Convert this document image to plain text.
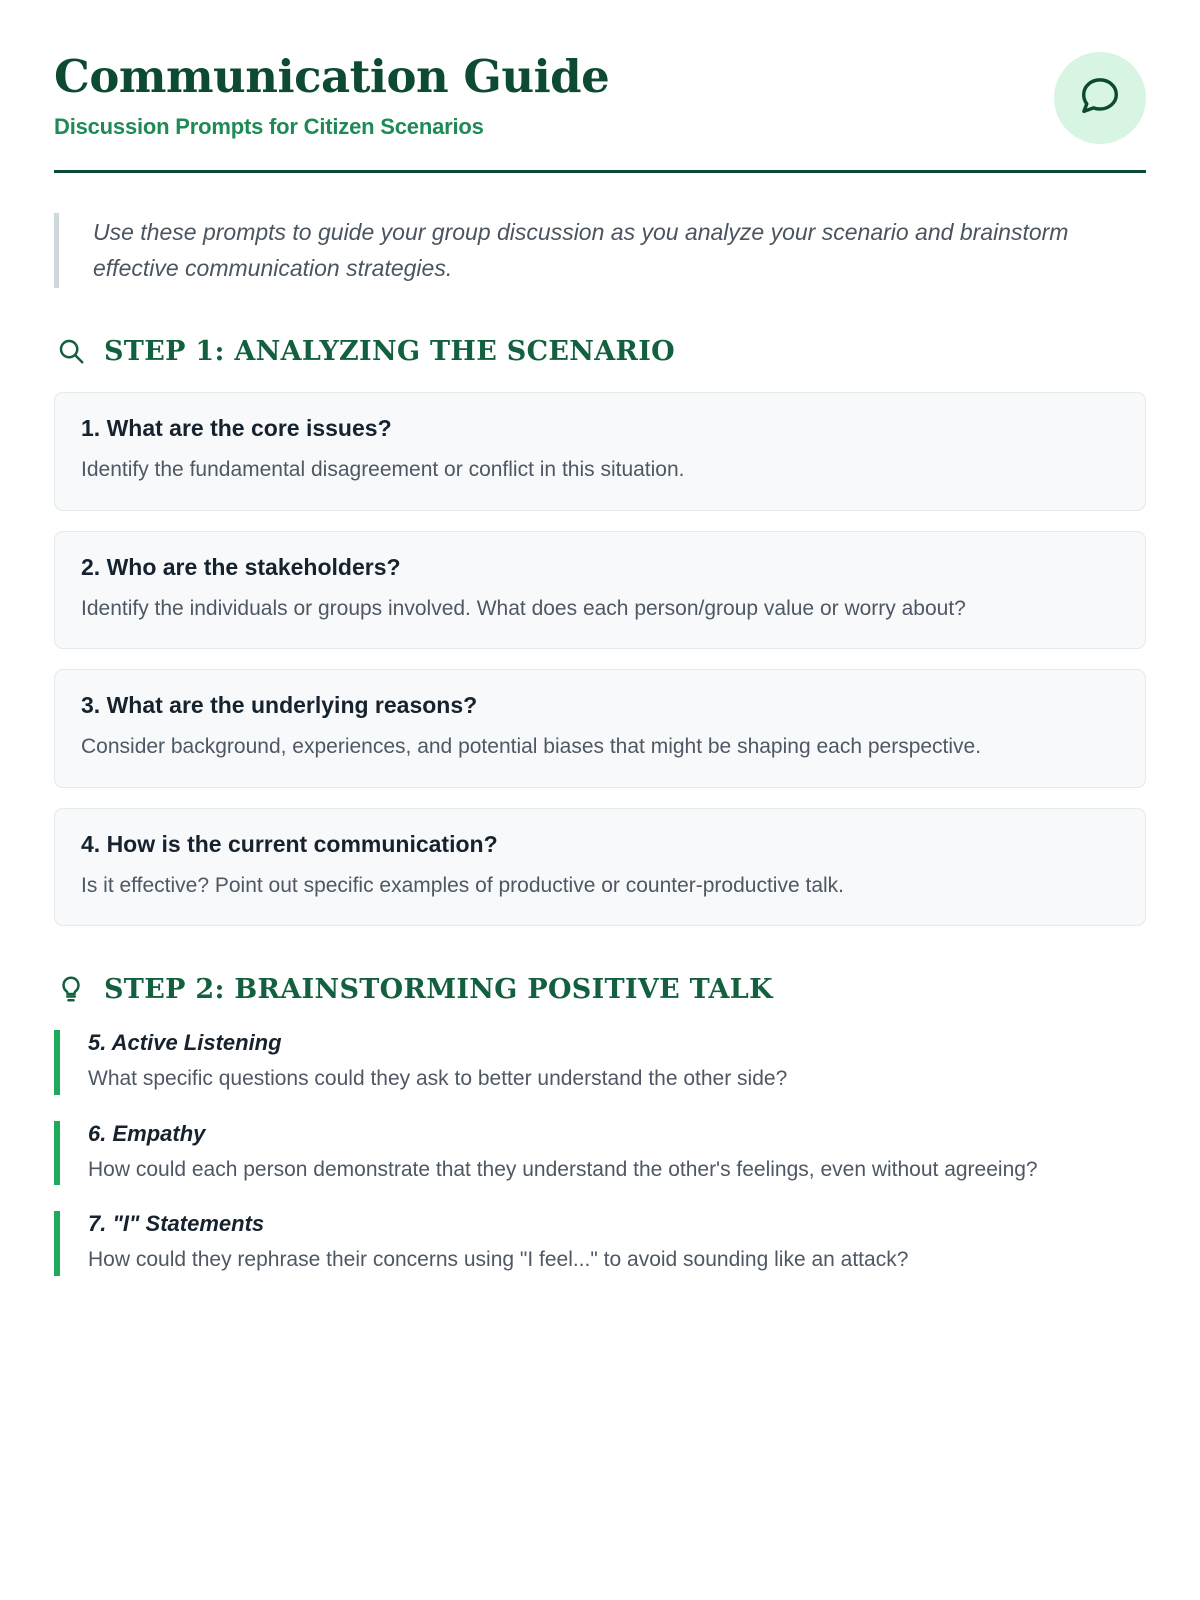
Communication Guide
Discussion Prompts for Citizen Scenarios

Use these prompts to guide your group discussion as you analyze your scenario and brainstorm effective communication strategies.

STEP 1: ANALYZING THE SCENARIO
1. What are the core issues?
Identify the fundamental disagreement or conflict in this situation.
2. Who are the stakeholders?
Identify the individuals or groups involved. What does each person/group value or worry about?
3. What are the underlying reasons?
Consider background, experiences, and potential biases that might be shaping each perspective.
4. How is the current communication?
Is it effective? Point out specific examples of productive or counter-productive talk.
STEP 2: BRAINSTORMING POSITIVE TALK
5. Active Listening
What specific questions could they ask to better understand the other side?
6. Empathy
How could each person demonstrate that they understand the other's feelings, even without agreeing?
7. "I" Statements
How could they rephrase their concerns using "I feel..." to avoid sounding like an attack?
